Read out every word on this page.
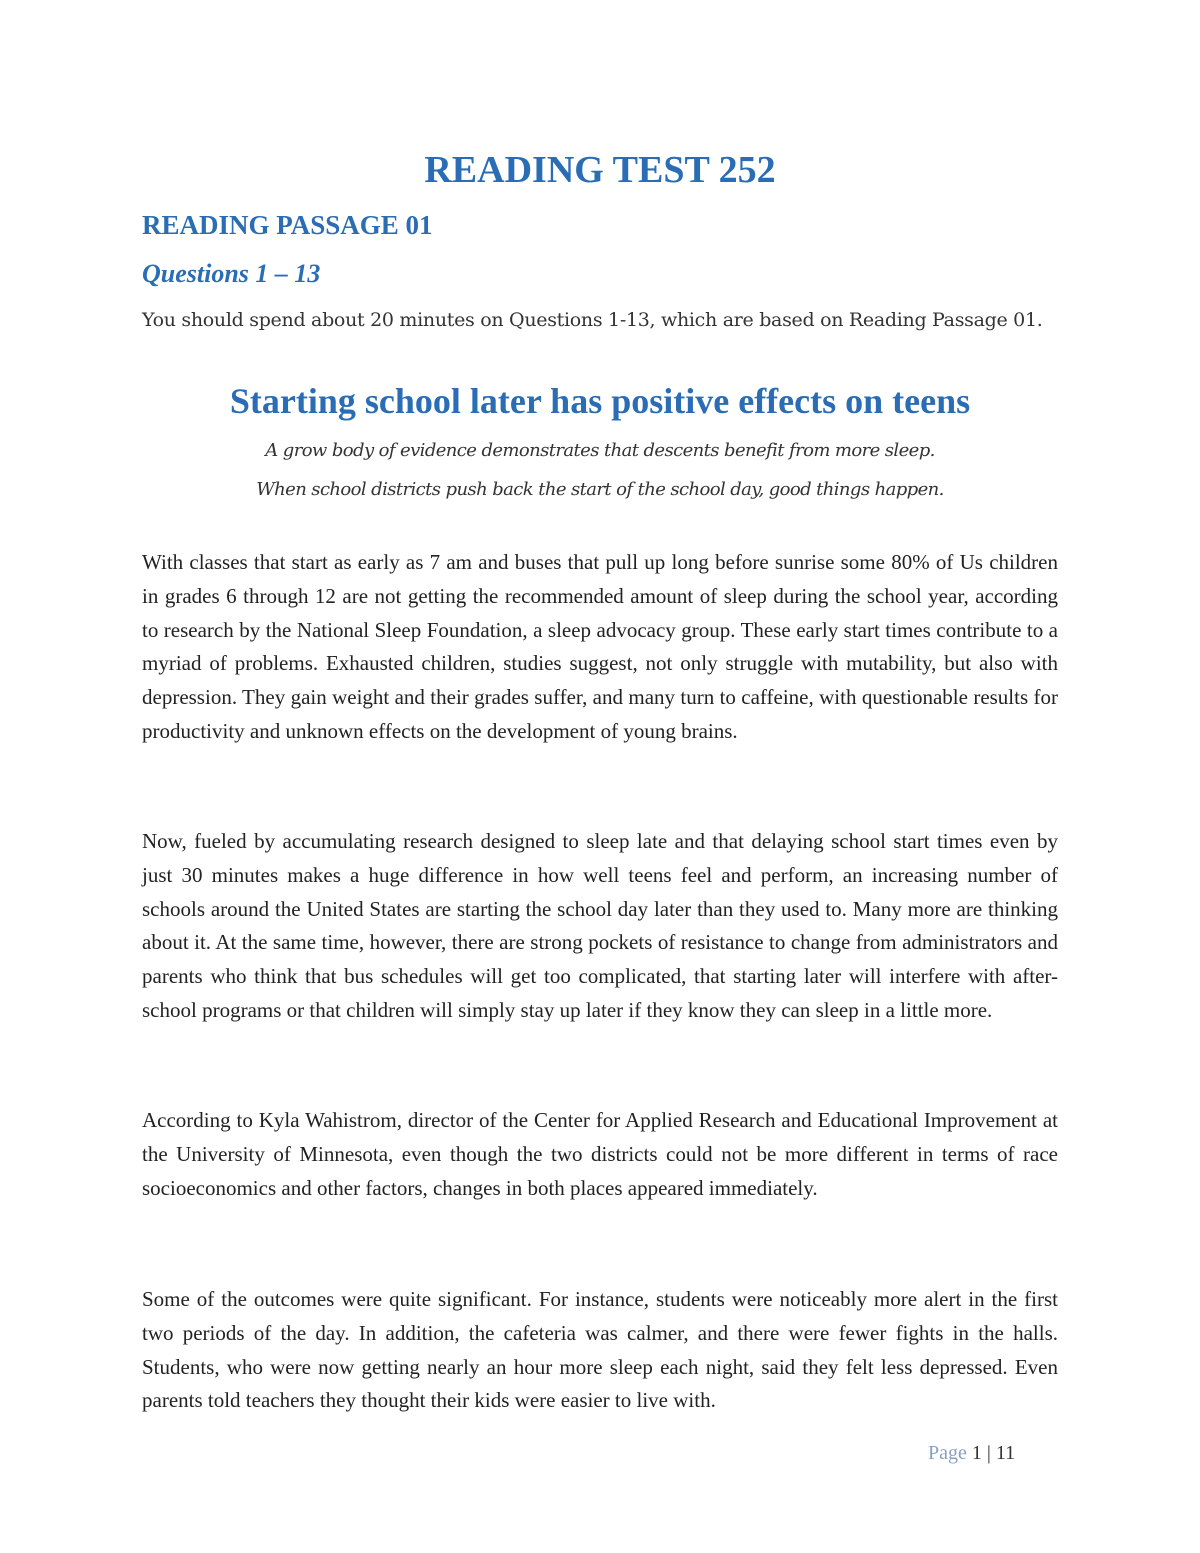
READING TEST 252
READING PASSAGE 01
Questions 1 – 13

You should spend about 20 minutes on Questions 1-13, which are based on Reading Passage 01.

Starting school later has positive effects on teens

A grow body of evidence demonstrates that descents benefit from more sleep.

When school districts push back the start of the school day, good things happen.

With classes that start as early as 7 am and buses that pull up long before sunrise some 80% of Us children in grades 6 through 12 are not getting the recommended amount of sleep during the school year, according to research by the National Sleep Foundation, a sleep advocacy group. These early start times contribute to a myriad of problems. Exhausted children, studies suggest, not only struggle with mutability, but also with depression. They gain weight and their grades suffer, and many turn to caffeine, with questionable results for productivity and unknown effects on the development of young brains.

Now, fueled by accumulating research designed to sleep late and that delaying school start times even by just 30 minutes makes a huge difference in how well teens feel and perform, an increasing number of schools around the United States are starting the school day later than they used to. Many more are thinking about it. At the same time, however, there are strong pockets of resistance to change from administrators and parents who think that bus schedules will get too complicated, that starting later will interfere with after-school programs or that children will simply stay up later if they know they can sleep in a little more.

According to Kyla Wahistrom, director of the Center for Applied Research and Educational Improvement at the University of Minnesota, even though the two districts could not be more different in terms of race socioeconomics and other factors, changes in both places appeared immediately.

Some of the outcomes were quite significant. For instance, students were noticeably more alert in the first two periods of the day. In addition, the cafeteria was calmer, and there were fewer fights in the halls. Students, who were now getting nearly an hour more sleep each night, said they felt less depressed. Even parents told teachers they thought their kids were easier to live with.

Page 1 | 11
